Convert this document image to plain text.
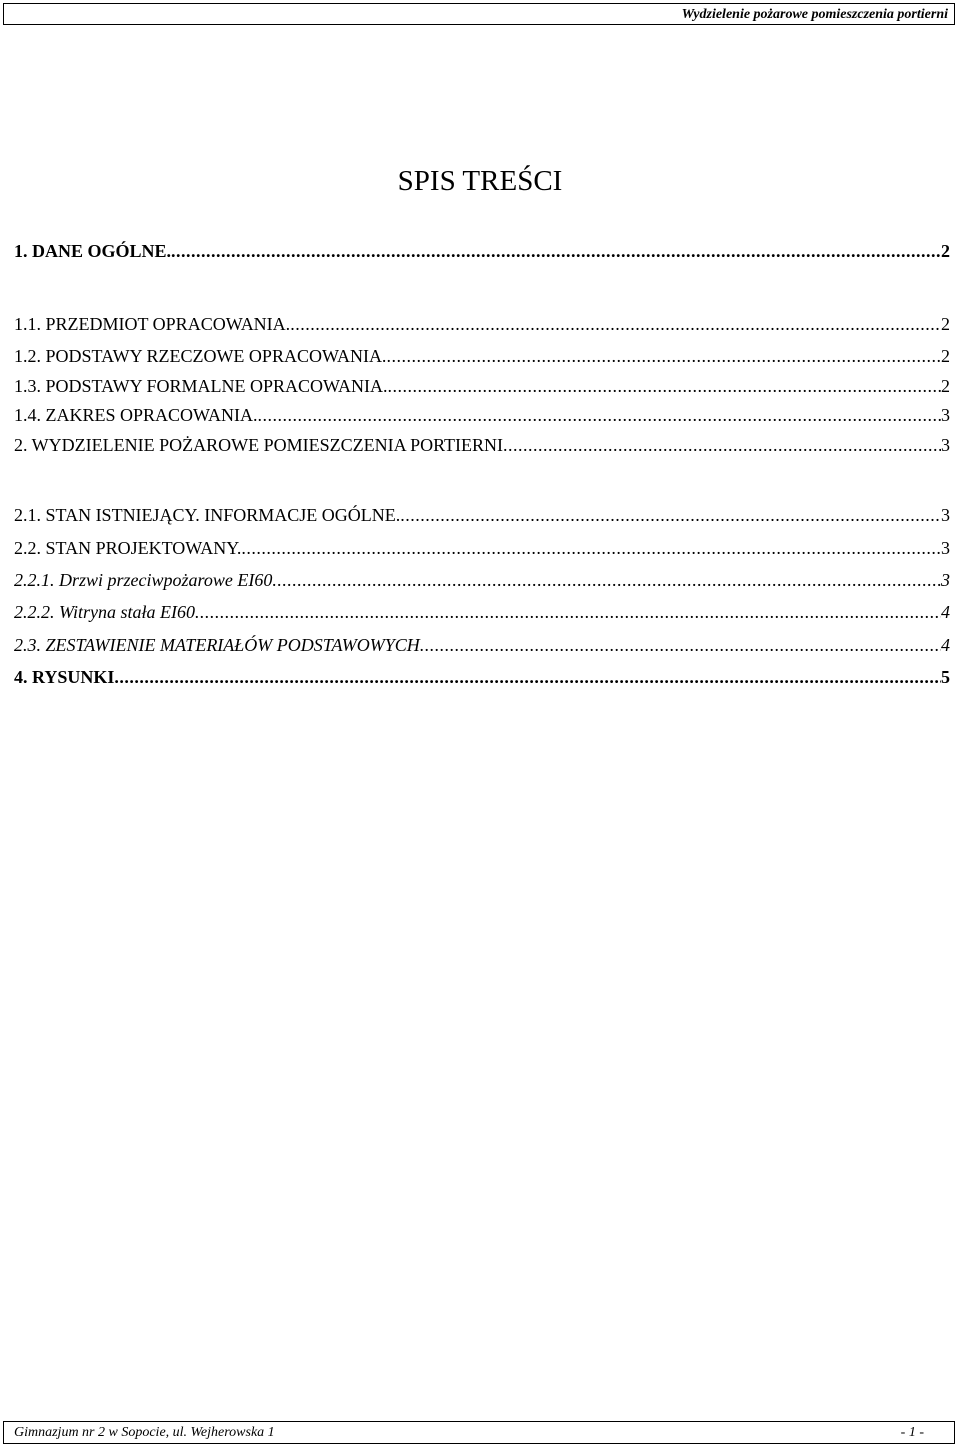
Wydzielenie pożarowe pomieszczenia portierni
SPIS TREŚCI
1. DANE OGÓLNE. .....	2
1.1. PRZEDMIOT OPRACOWANIA. .....	2
1.2. PODSTAWY RZECZOWE OPRACOWANIA. .....	2
1.3. PODSTAWY FORMALNE OPRACOWANIA. .....	2
1.4. ZAKRES OPRACOWANIA. .....	3
2. WYDZIELENIE POŻAROWE POMIESZCZENIA PORTIERNI .....	3
2.1. STAN ISTNIEJĄCY. INFORMACJE OGÓLNE. .....	3
2.2. STAN PROJEKTOWANY. .....	3
2.2.1. Drzwi przeciwpożarowe EI60 .....	3
2.2.2. Witryna stała EI60 .....	4
2.3. ZESTAWIENIE MATERIAŁÓW PODSTAWOWYCH .....	4
4. RYSUNKI .....	5
Gimnazjum nr 2 w Sopocie, ul. Wejherowska 1	- 1 -
